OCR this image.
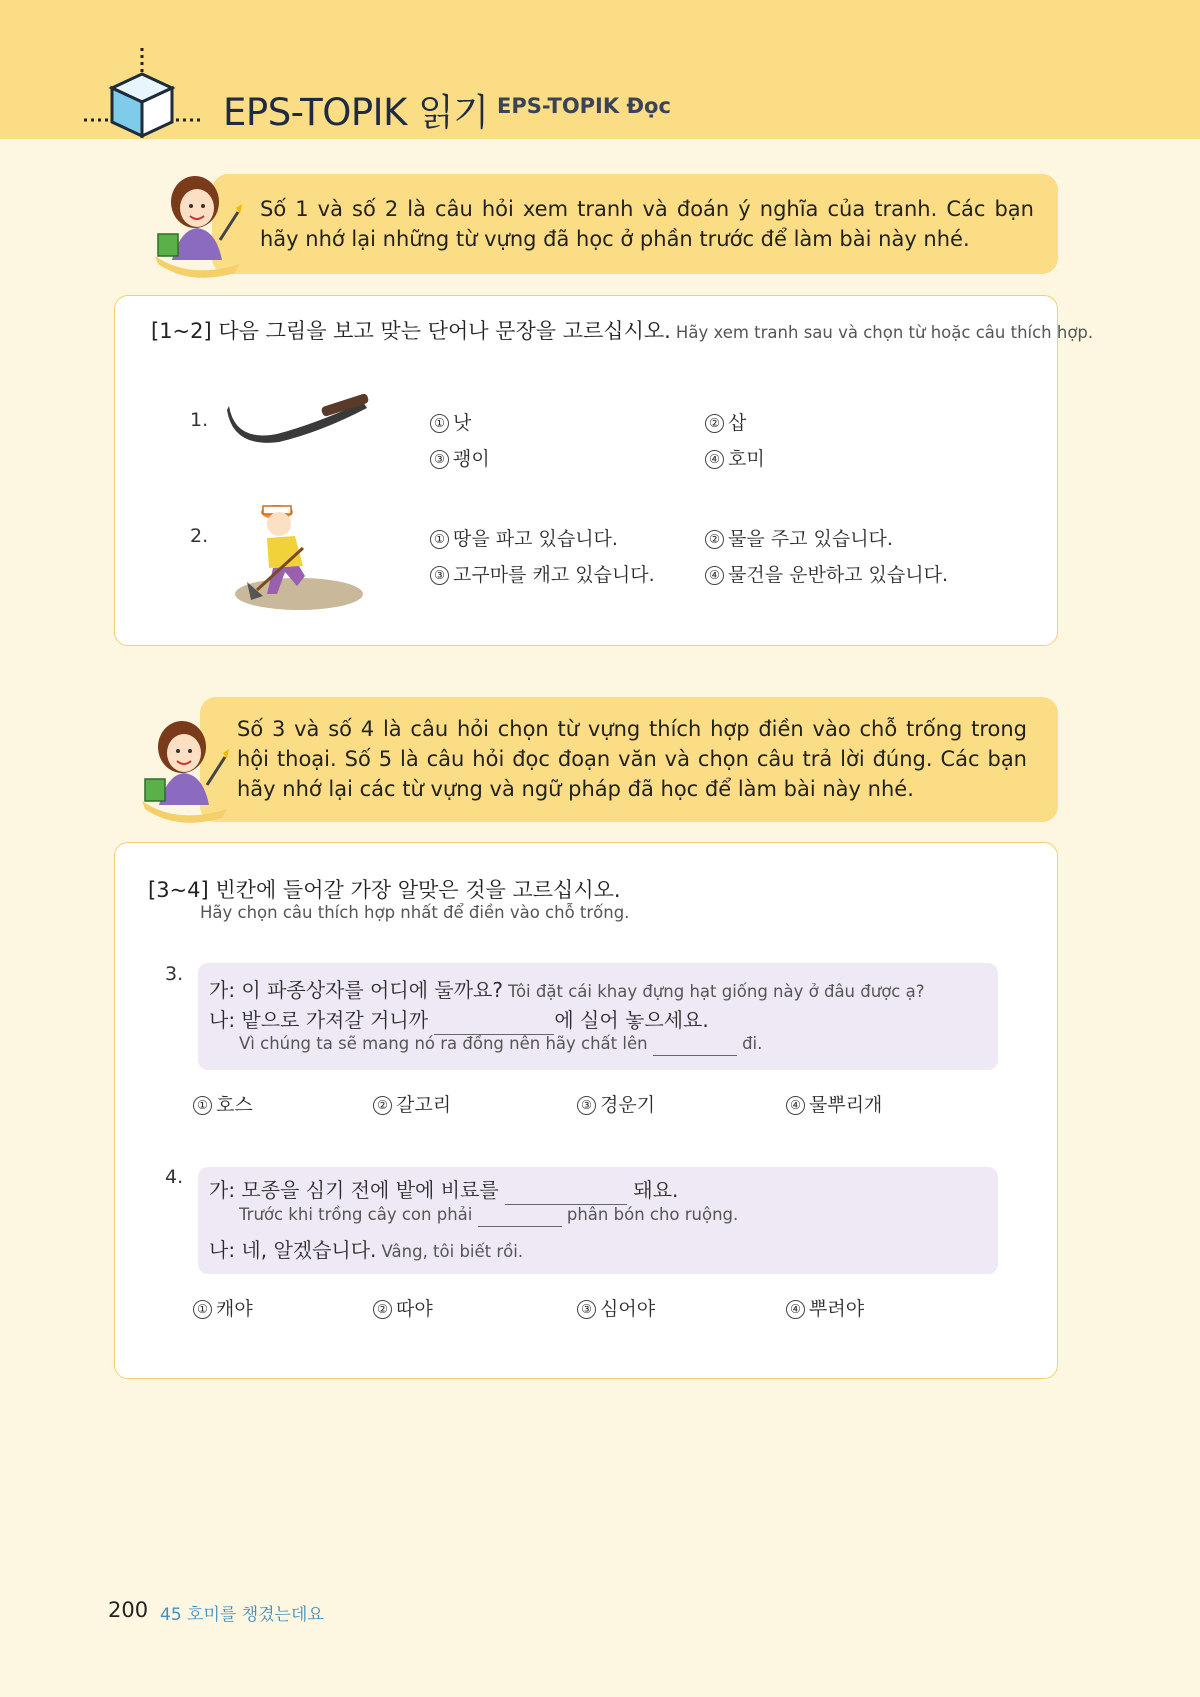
EPS-TOPIK 읽기 EPS-TOPIK Đọc
Số 1 và số 2 là câu hỏi xem tranh và đoán ý nghĩa của tranh. Các bạn hãy nhớ lại những từ vựng đã học ở phần trước để làm bài này nhé.
[1~2] 다음 그림을 보고 맞는 단어나 문장을 고르십시오. Hãy xem tranh sau và chọn từ hoặc câu thích hợp.
1.	① 낫	② 삽
③ 괭이	④ 호미
2.	① 땅을 파고 있습니다.	② 물을 주고 있습니다.
③ 고구마를 캐고 있습니다.	④ 물건을 운반하고 있습니다.
Số 3 và số 4 là câu hỏi chọn từ vựng thích hợp điền vào chỗ trống trong hội thoại. Số 5 là câu hỏi đọc đoạn văn và chọn câu trả lời đúng. Các bạn hãy nhớ lại các từ vựng và ngữ pháp đã học để làm bài này nhé.
[3~4] 빈칸에 들어갈 가장 알맞은 것을 고르십시오.
Hãy chọn câu thích hợp nhất để điền vào chỗ trống.
3.
① 호스	② 갈고리	③ 경운기	④ 물뿌리개
4.
① 캐야	② 따야	③ 심어야	④ 뿌려야
가: 이 파종상자를 어디에 둘까요? Tôi đặt cái khay đựng hạt giống này ở đâu được ạ?
나: 밭으로 가져갈 거니까	에 실어 놓으세요.
Vì chúng ta sẽ mang nó ra đồng nên hãy chất lên	đi.
가: 모종을 심기 전에 밭에 비료를	돼요.
Trước khi trồng cây con phải	phân bón cho ruộng.
나: 네, 알겠습니다. Vâng, tôi biết rồi.
200 45 호미를 챙겼는데요
